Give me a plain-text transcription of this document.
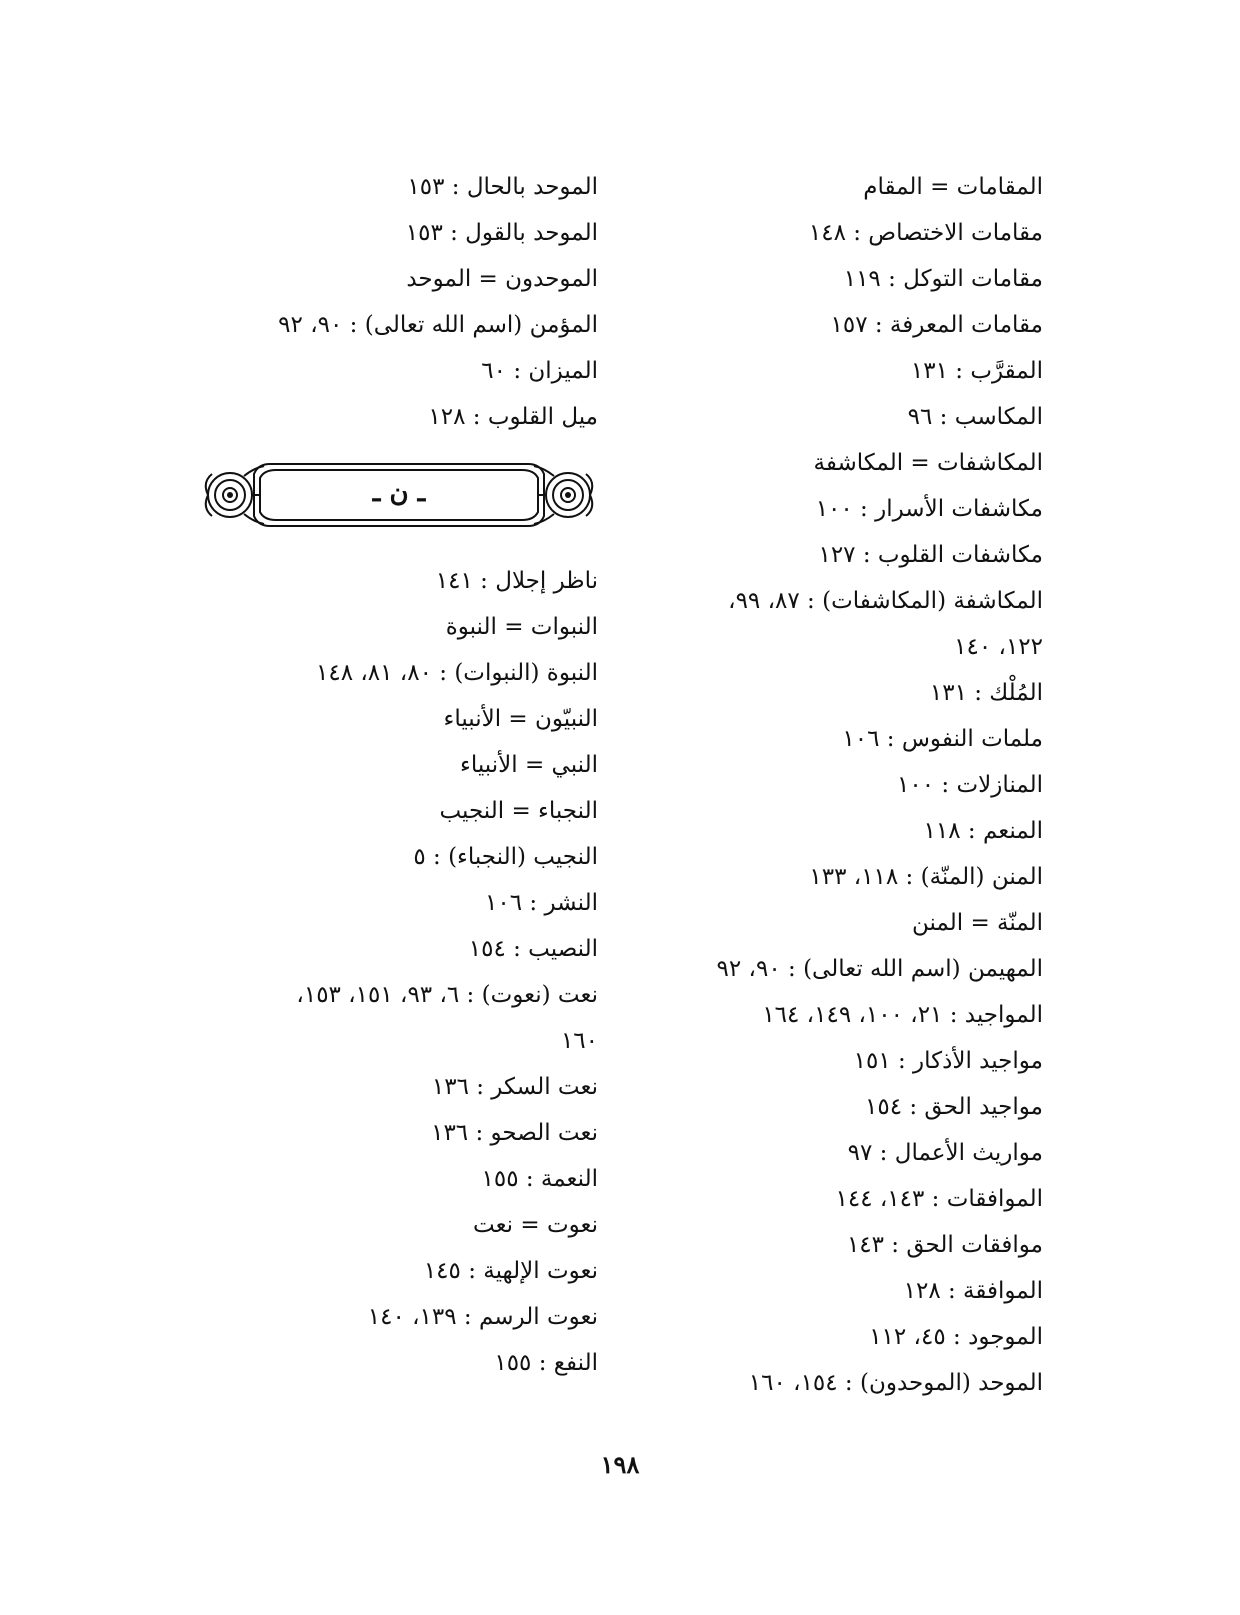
المقامات = المقام
مقامات الاختصاص : ١٤٨
مقامات التوكل : ١١٩
مقامات المعرفة : ١٥٧
المقرَّب : ١٣١
المكاسب : ٩٦
المكاشفات = المكاشفة
مكاشفات الأسرار : ١٠٠
مكاشفات القلوب : ١٢٧
المكاشفة (المكاشفات) : ٨٧، ٩٩،
١٢٢، ١٤٠
المُلْك : ١٣١
ملمات النفوس : ١٠٦
المنازلات : ١٠٠
المنعم : ١١٨
المنن (المنّة) : ١١٨، ١٣٣
المنّة = المنن
المهيمن (اسم الله تعالى) : ٩٠، ٩٢
المواجيد : ٢١، ١٠٠، ١٤٩، ١٦٤
مواجيد الأذكار : ١٥١
مواجيد الحق : ١٥٤
مواريث الأعمال : ٩٧
الموافقات : ١٤٣، ١٤٤
موافقات الحق : ١٤٣
الموافقة : ١٢٨
الموجود : ٤٥، ١١٢
الموحد (الموحدون) : ١٥٤، ١٦٠
الموحد بالحال : ١٥٣
الموحد بالقول : ١٥٣
الموحدون = الموحد
المؤمن (اسم الله تعالى) : ٩٠، ٩٢
الميزان : ٦٠
ميل القلوب : ١٢٨
ـ ن ـ
ناظر إجلال : ١٤١
النبوات = النبوة
النبوة (النبوات) : ٨٠، ٨١، ١٤٨
النبيّون = الأنبياء
النبي = الأنبياء
النجباء = النجيب
النجيب (النجباء) : ٥
النشر : ١٠٦
النصيب : ١٥٤
نعت (نعوت) : ٦، ٩٣، ١٥١، ١٥٣،
١٦٠
نعت السكر : ١٣٦
نعت الصحو : ١٣٦
النعمة : ١٥٥
نعوت = نعت
نعوت الإلهية : ١٤٥
نعوت الرسم : ١٣٩، ١٤٠
النفع : ١٥٥
١٩٨
